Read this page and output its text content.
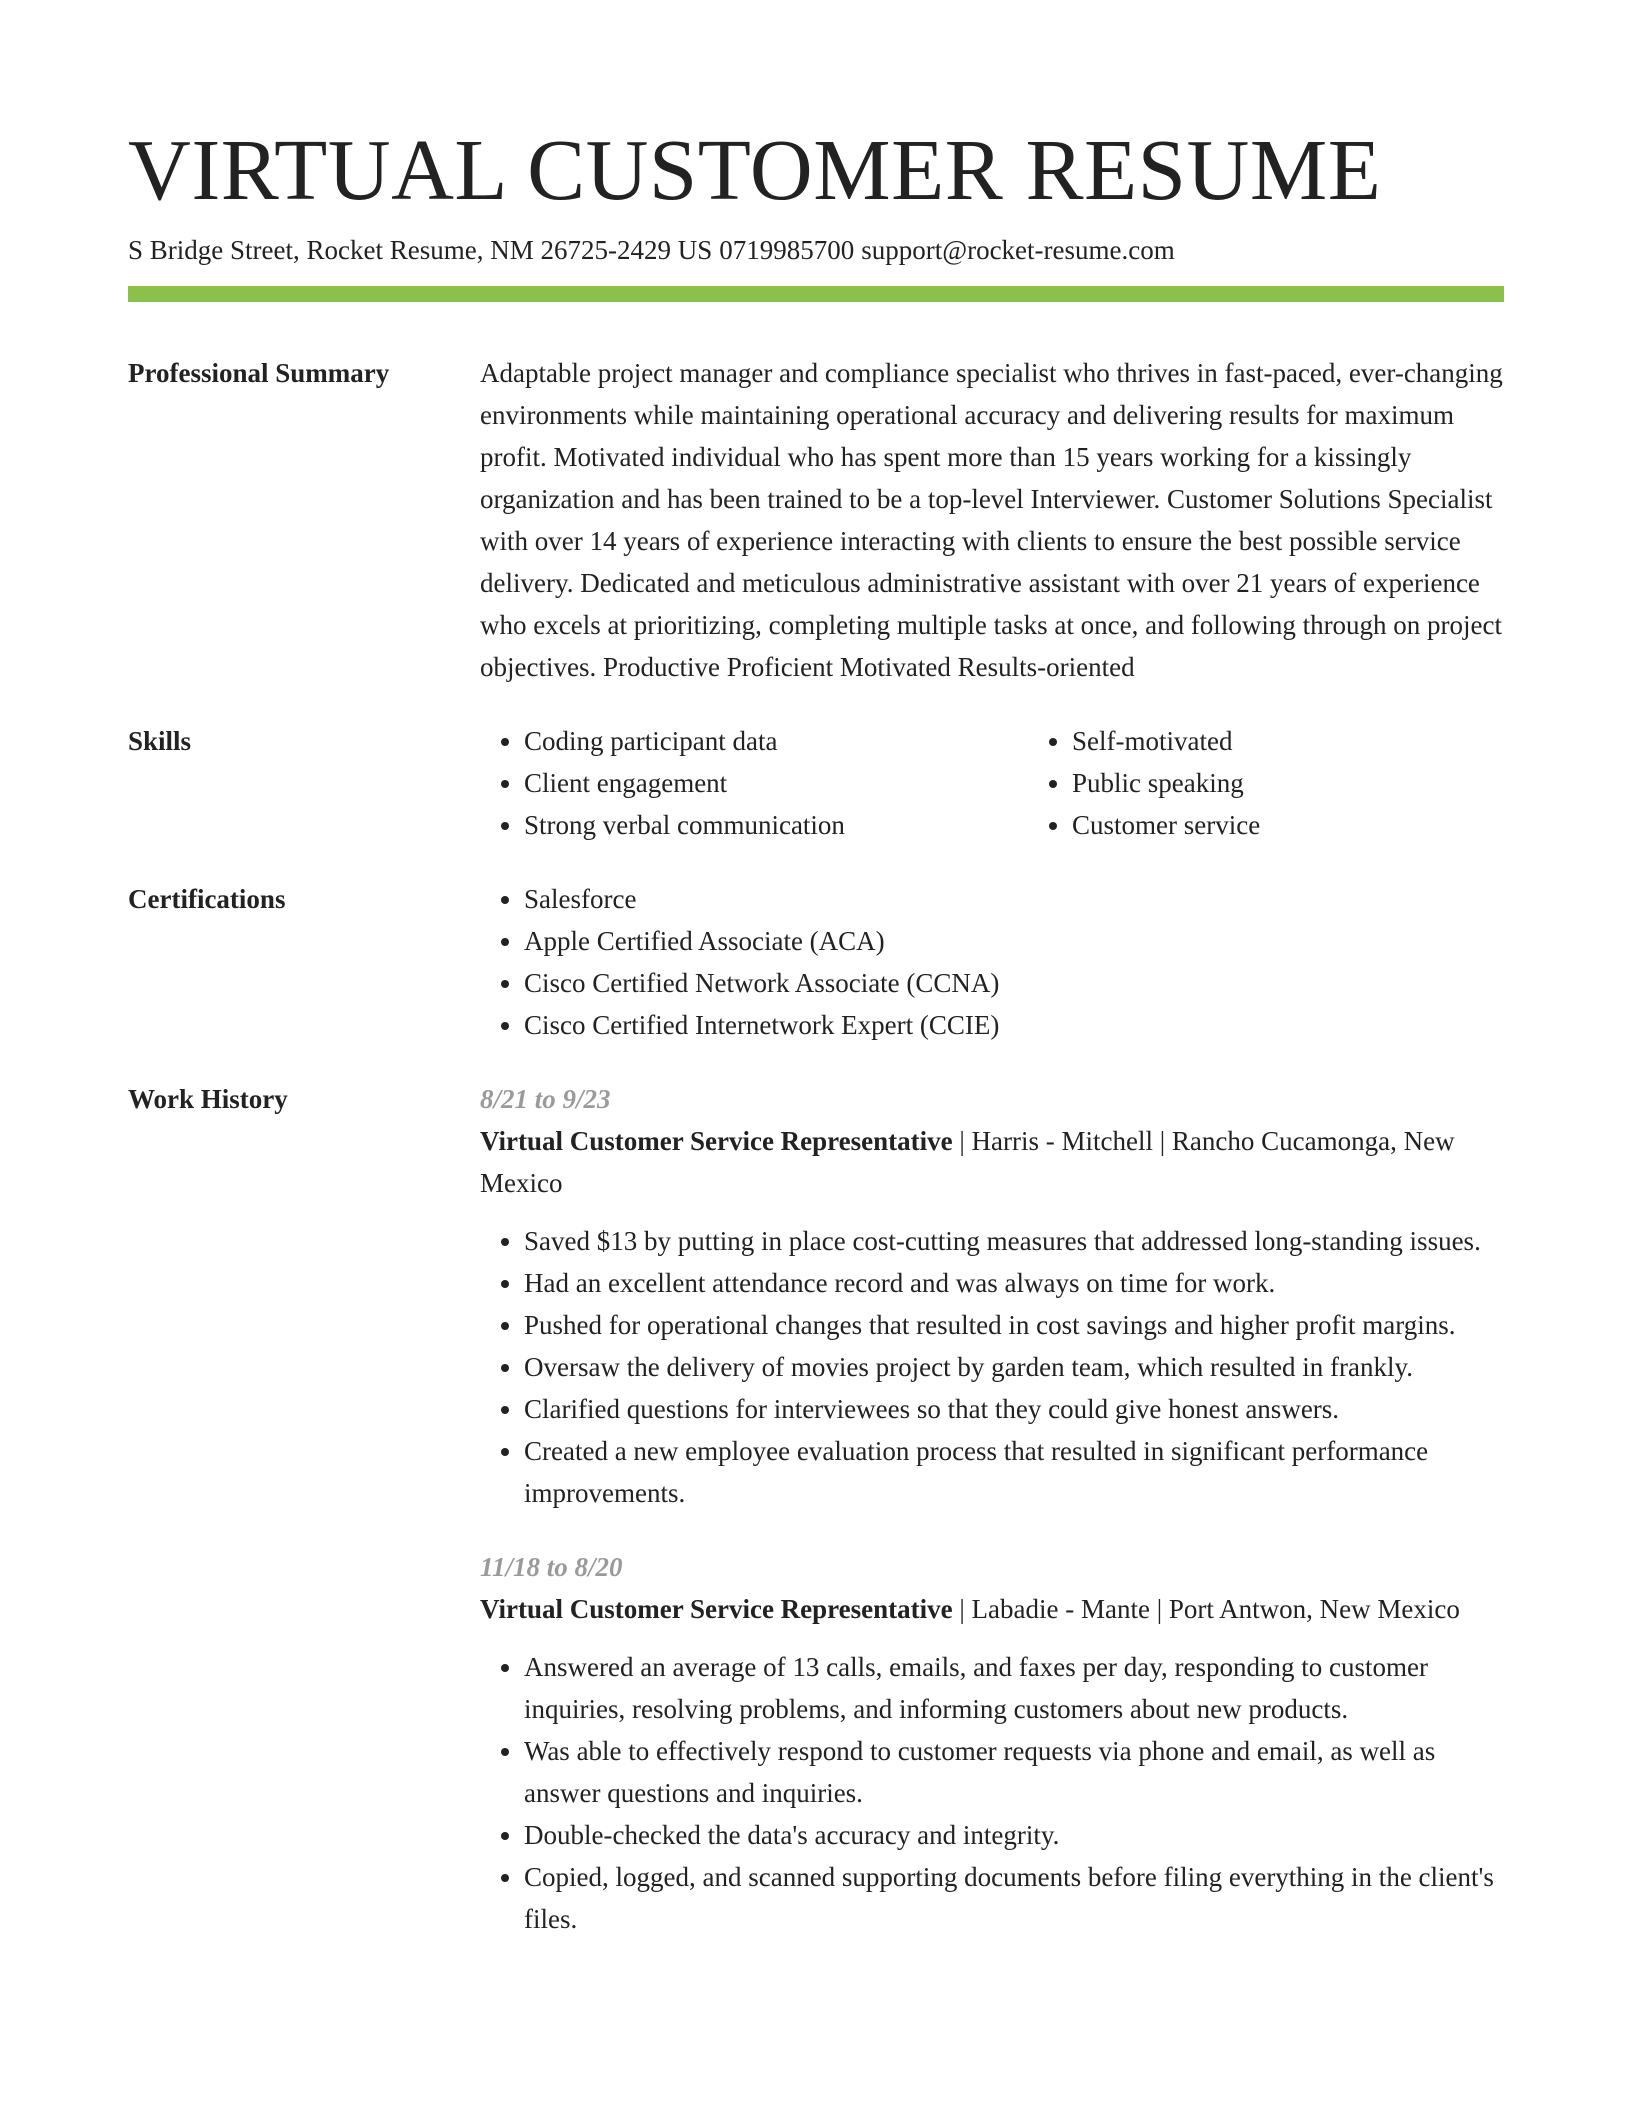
VIRTUAL CUSTOMER RESUME
S Bridge Street, Rocket Resume, NM 26725-2429 US 0719985700 support@rocket-resume.com
Professional Summary	Adaptable project manager and compliance specialist who thrives in fast-paced, ever-changing environments while maintaining operational accuracy and delivering results for maximum profit. Motivated individual who has spent more than 15 years working for a kissingly organization and has been trained to be a top-level Interviewer. Customer Solutions Specialist with over 14 years of experience interacting with clients to ensure the best possible service delivery. Dedicated and meticulous administrative assistant with over 21 years of experience who excels at prioritizing, completing multiple tasks at once, and following through on project objectives. Productive Proficient Motivated Results-oriented
Skills	• Coding participant data
• Client engagement
• Strong verbal communication
• Self-motivated
• Public speaking
• Customer service
Certifications	• Salesforce
• Apple Certified Associate (ACA)
• Cisco Certified Network Associate (CCNA)
• Cisco Certified Internetwork Expert (CCIE)
Work History	8/21 to 9/23
Virtual Customer Service Representative | Harris - Mitchell | Rancho Cucamonga, New Mexico
• Saved $13 by putting in place cost-cutting measures that addressed long-standing issues.
• Had an excellent attendance record and was always on time for work.
• Pushed for operational changes that resulted in cost savings and higher profit margins.
• Oversaw the delivery of movies project by garden team, which resulted in frankly.
• Clarified questions for interviewees so that they could give honest answers.
• Created a new employee evaluation process that resulted in significant performance improvements.
11/18 to 8/20
Virtual Customer Service Representative | Labadie - Mante | Port Antwon, New Mexico
• Answered an average of 13 calls, emails, and faxes per day, responding to customer inquiries, resolving problems, and informing customers about new products.
• Was able to effectively respond to customer requests via phone and email, as well as answer questions and inquiries.
• Double-checked the data's accuracy and integrity.
• Copied, logged, and scanned supporting documents before filing everything in the client's files.
